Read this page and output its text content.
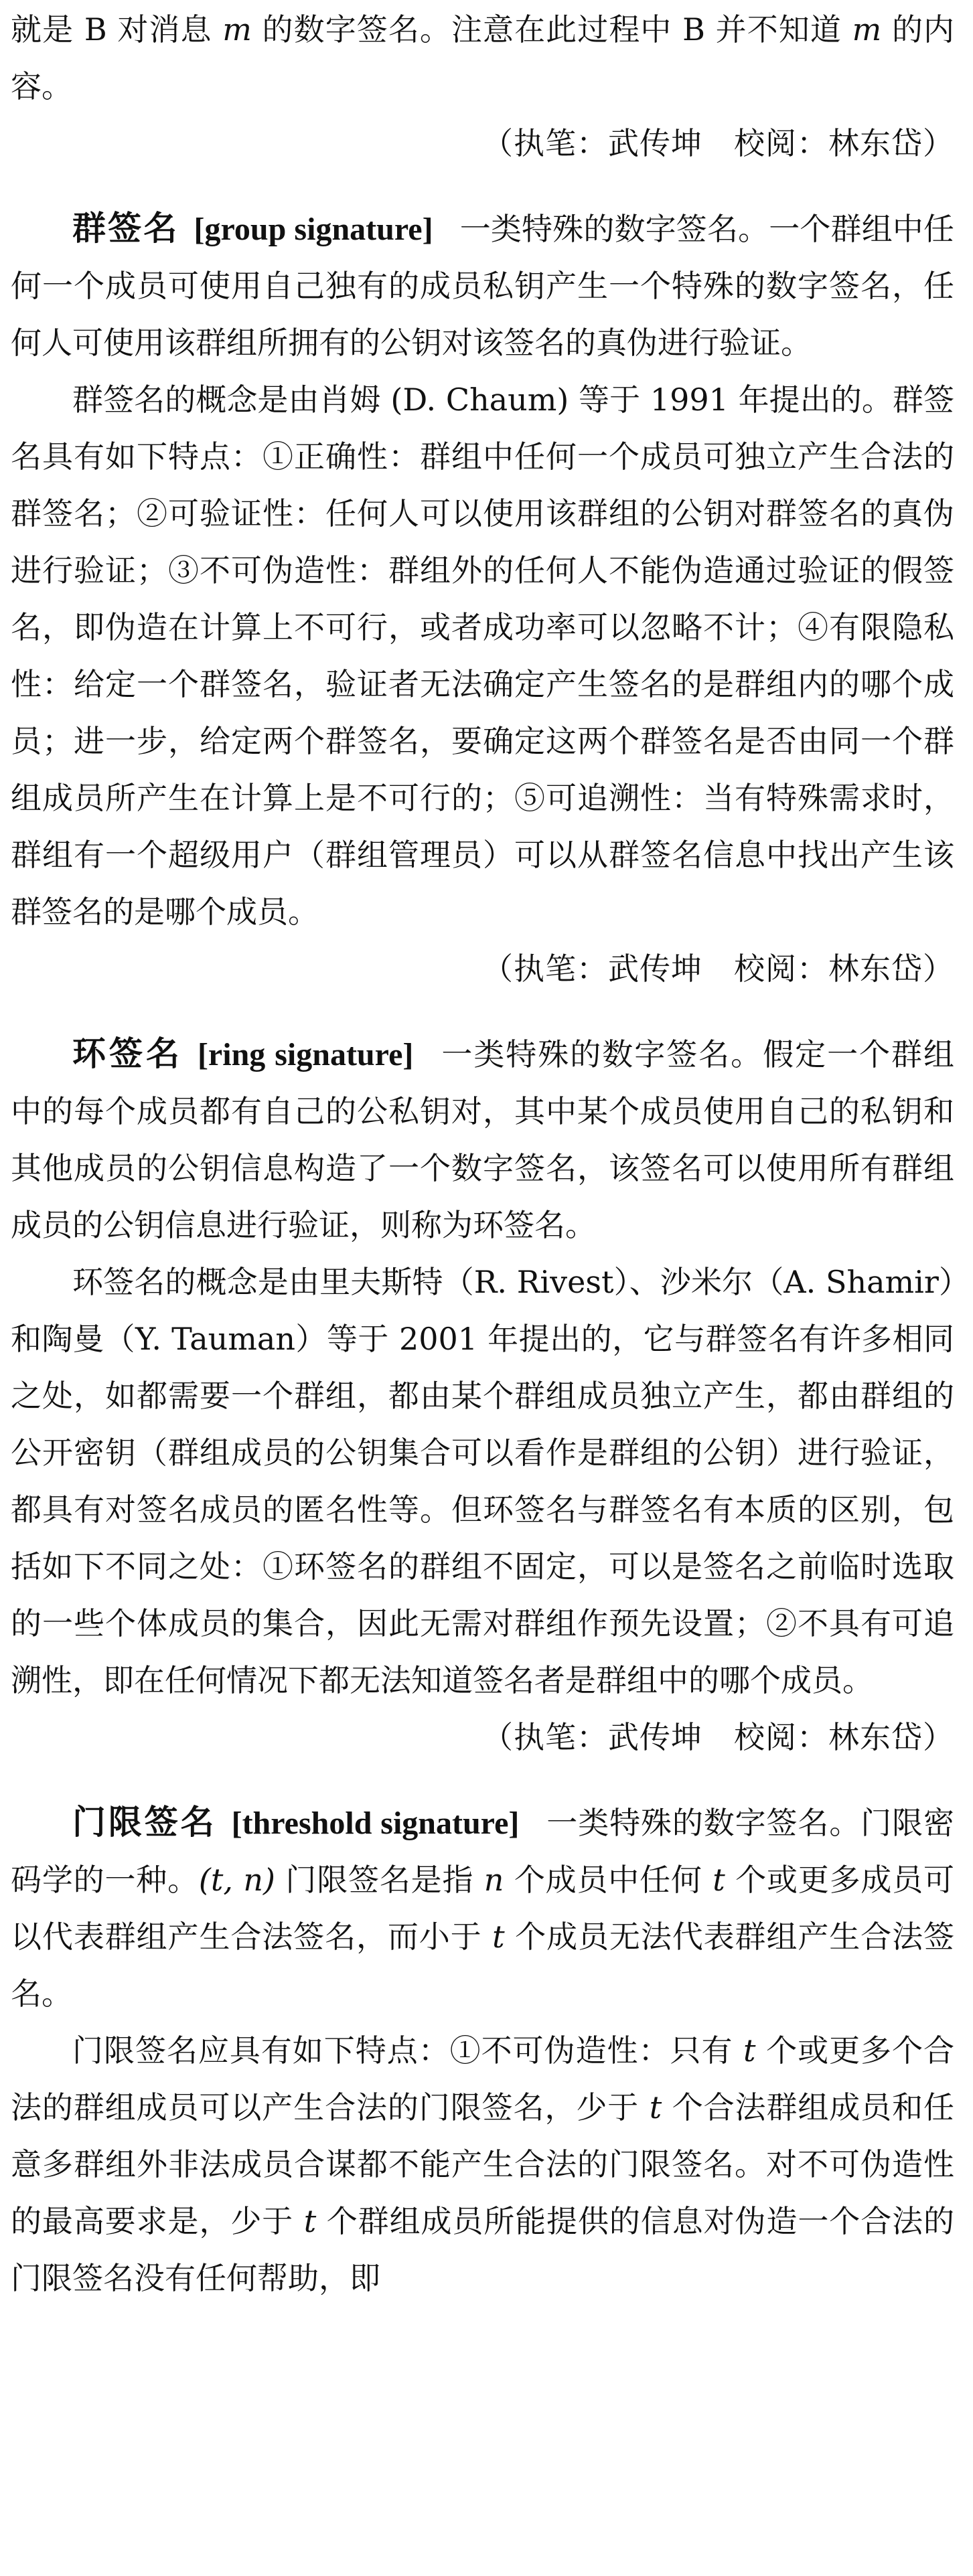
就是 B 对消息 m 的数字签名。注意在此过程中 B 并不知道 m 的内容。

（执笔：武传坤　校阅：林东岱）

群签名 [group signature] 一类特殊的数字签名。一个群组中任何一个成员可使用自己独有的成员私钥产生一个特殊的数字签名，任何人可使用该群组所拥有的公钥对该签名的真伪进行验证。

群签名的概念是由肖姆 (D. Chaum) 等于 1991 年提出的。群签名具有如下特点：①正确性：群组中任何一个成员可独立产生合法的群签名；②可验证性：任何人可以使用该群组的公钥对群签名的真伪进行验证；③不可伪造性：群组外的任何人不能伪造通过验证的假签名，即伪造在计算上不可行，或者成功率可以忽略不计；④有限隐私性：给定一个群签名，验证者无法确定产生签名的是群组内的哪个成员；进一步，给定两个群签名，要确定这两个群签名是否由同一个群组成员所产生在计算上是不可行的；⑤可追溯性：当有特殊需求时，群组有一个超级用户（群组管理员）可以从群签名信息中找出产生该群签名的是哪个成员。

（执笔：武传坤　校阅：林东岱）

环签名 [ring signature] 一类特殊的数字签名。假定一个群组中的每个成员都有自己的公私钥对，其中某个成员使用自己的私钥和其他成员的公钥信息构造了一个数字签名，该签名可以使用所有群组成员的公钥信息进行验证，则称为环签名。

环签名的概念是由里夫斯特（R. Rivest）、沙米尔（A. Shamir）和陶曼（Y. Tauman）等于 2001 年提出的，它与群签名有许多相同之处，如都需要一个群组，都由某个群组成员独立产生，都由群组的公开密钥（群组成员的公钥集合可以看作是群组的公钥）进行验证，都具有对签名成员的匿名性等。但环签名与群签名有本质的区别，包括如下不同之处：①环签名的群组不固定，可以是签名之前临时选取的一些个体成员的集合，因此无需对群组作预先设置；②不具有可追溯性，即在任何情况下都无法知道签名者是群组中的哪个成员。

（执笔：武传坤　校阅：林东岱）

门限签名 [threshold signature] 一类特殊的数字签名。门限密码学的一种。(t, n) 门限签名是指 n 个成员中任何 t 个或更多成员可以代表群组产生合法签名，而小于 t 个成员无法代表群组产生合法签名。

门限签名应具有如下特点：①不可伪造性：只有 t 个或更多个合法的群组成员可以产生合法的门限签名，少于 t 个合法群组成员和任意多群组外非法成员合谋都不能产生合法的门限签名。对不可伪造性的最高要求是，少于 t 个群组成员所能提供的信息对伪造一个合法的门限签名没有任何帮助，即
